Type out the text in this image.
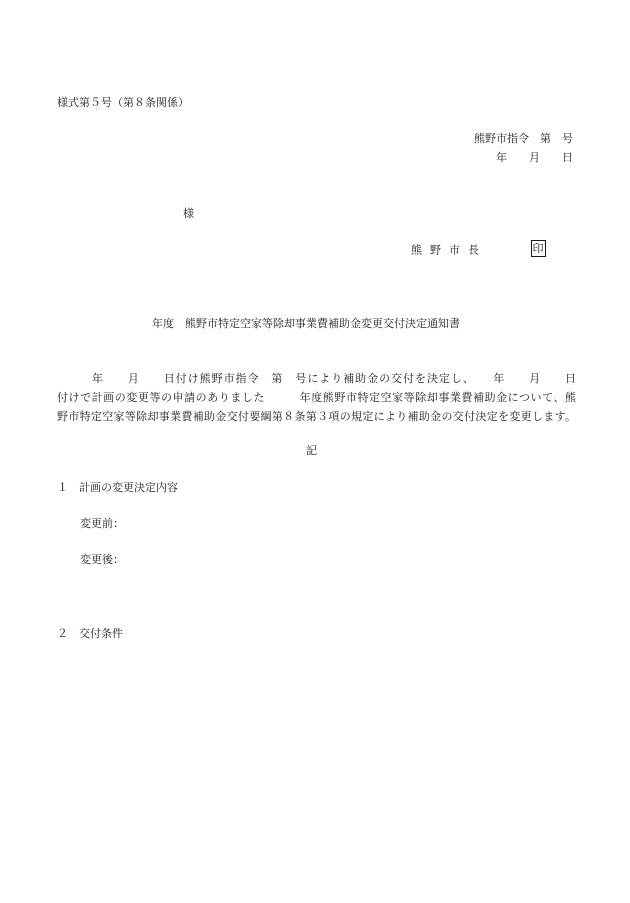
様式第５号（第８条関係）
熊野市指令　第　号
年　　月　　日
様
熊野市長	印
年度　熊野市特定空家等除却事業費補助金変更交付決定通知書
年　　月　　日付け熊野市指令　第　号により補助金の交付を決定し、　　年　　月　　日
付けで計画の変更等の申請のありました　　　年度熊野市特定空家等除却事業費補助金について、熊
野市特定空家等除却事業費補助金交付要綱第８条第３項の規定により補助金の交付決定を変更します。
記
１ 計画の変更決定内容
変更前：
変更後：
２ 交付条件
